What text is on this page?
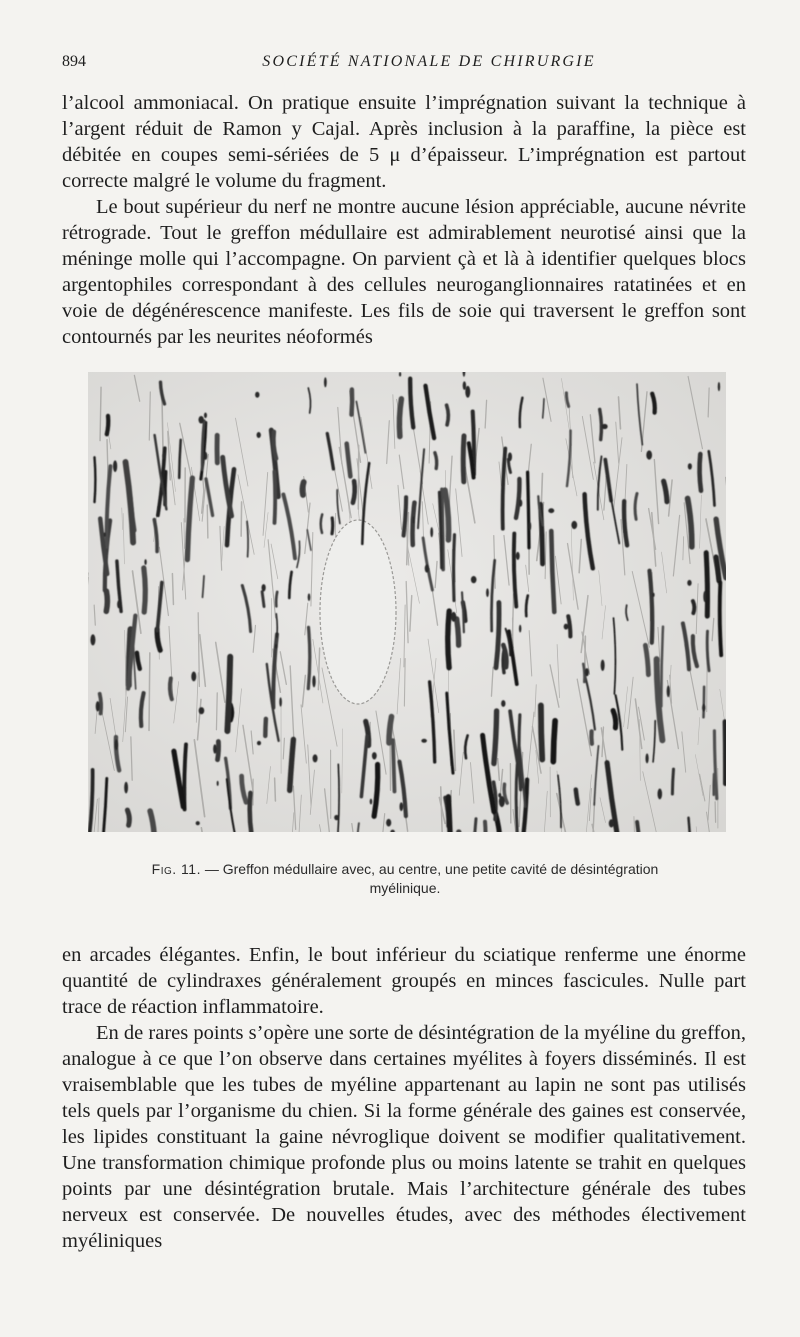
894	SOCIÉTÉ NATIONALE DE CHIRURGIE

l’alcool ammoniacal. On pratique ensuite l’imprégnation suivant la technique à l’argent réduit de Ramon y Cajal. Après inclusion à la paraffine, la pièce est débitée en coupes semi-sériées de 5 μ d’épaisseur. L’imprégnation est partout correcte malgré le volume du fragment.

Le bout supérieur du nerf ne montre aucune lésion appréciable, aucune névrite rétrograde. Tout le greffon médullaire est admirablement neurotisé ainsi que la méninge molle qui l’accompagne. On parvient çà et là à identifier quelques blocs argentophiles correspondant à des cellules neuroganglionnaires ratatinées et en voie de dégénérescence manifeste. Les fils de soie qui traversent le greffon sont contournés par les neurites néoformés

Fig. 11. — Greffon médullaire avec, au centre, une petite cavité de désintégration myélinique.

en arcades élégantes. Enfin, le bout inférieur du sciatique renferme une énorme quantité de cylindraxes généralement groupés en minces fascicules. Nulle part trace de réaction inflammatoire.

En de rares points s’opère une sorte de désintégration de la myéline du greffon, analogue à ce que l’on observe dans certaines myélites à foyers disséminés. Il est vraisemblable que les tubes de myéline appartenant au lapin ne sont pas utilisés tels quels par l’organisme du chien. Si la forme générale des gaines est conservée, les lipides constituant la gaine névroglique doivent se modifier qualitativement. Une transformation chimique profonde plus ou moins latente se trahit en quelques points par une désintégration brutale. Mais l’architecture générale des tubes nerveux est conservée. De nouvelles études, avec des méthodes électivement myéliniques
